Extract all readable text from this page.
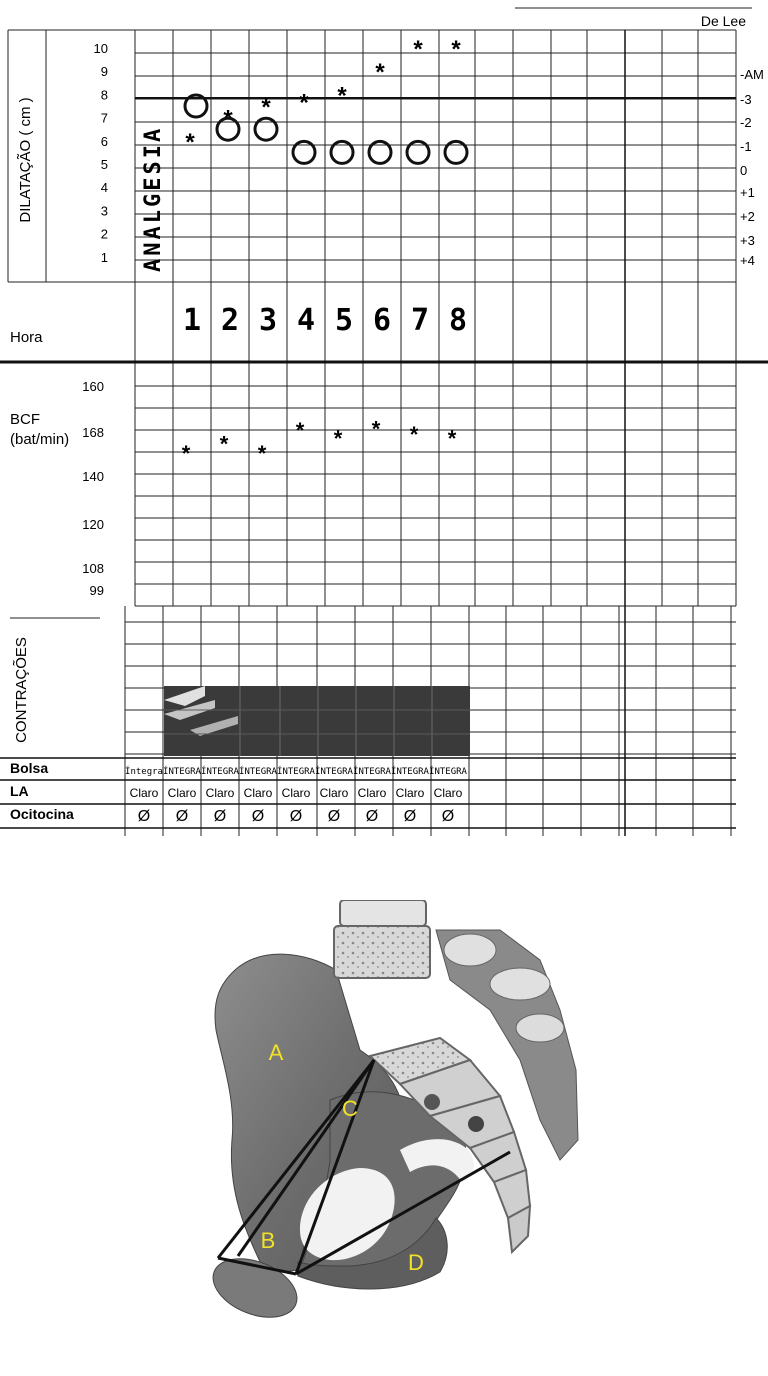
De Lee
DILATAÇÃO ( cm )
10
9
8
7
6
5
4
3
2
1
-AM
-3
-2
-1
0
+1
+2
+3
+4
ANALGESIA
Hora	1 2 3 4 5 6 7 8
BCF
(bat/min)
160
168
140
120
108
99
CONTRAÇÕES
Bolsa
LA
Ocitocina
Íntegra ÍNTEGRA ÍNTEGRA ÍNTEGRA ÍNTEGRA ÍNTEGRA ÍNTEGRA ÍNTEGRA ÍNTEGRA
Claro Claro Claro Claro Claro Claro Claro Claro Claro
Ø Ø Ø Ø Ø Ø Ø Ø Ø
*
* * * *
*
* *
* * *
* * * * *
A
B
C
D
